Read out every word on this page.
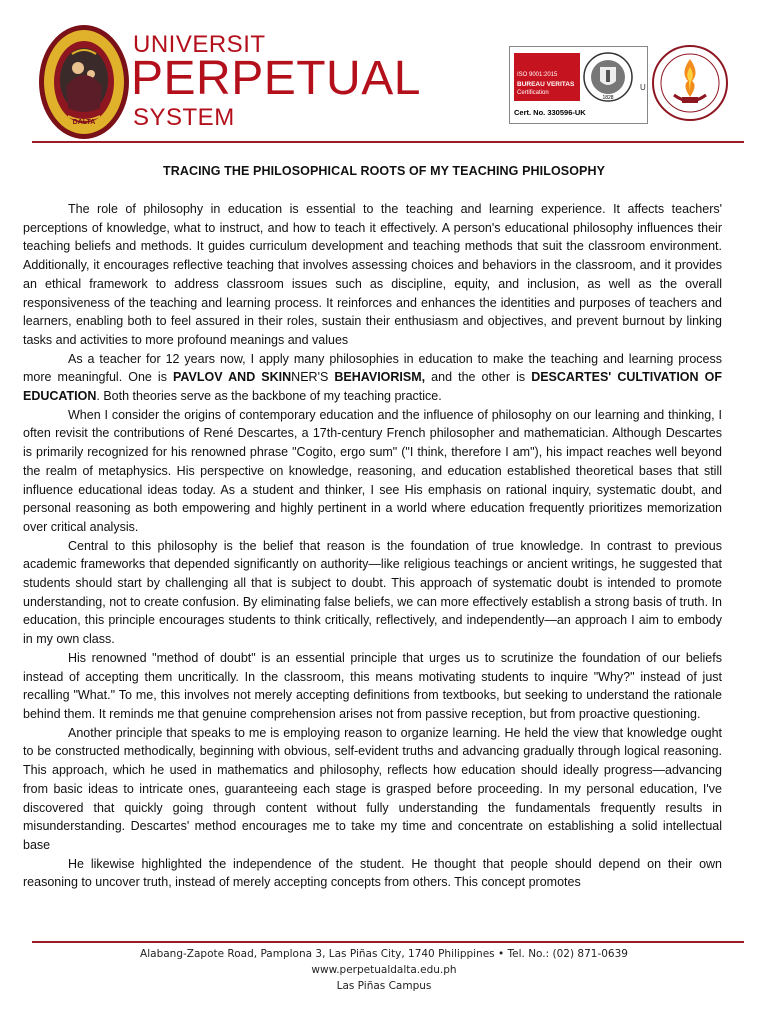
DALTA
UNIVERSIT
PERPETUAL
SYSTEM
ISO 9001:2015
BUREAU VERITAS
Certification
1828
Cert. No. 330596-UK
U
TRACING THE PHILOSOPHICAL ROOTS OF MY TEACHING PHILOSOPHY

The role of philosophy in education is essential to the teaching and learning experience. It affects teachers' perceptions of knowledge, what to instruct, and how to teach it effectively. A person's educational philosophy influences their teaching beliefs and methods. It guides curriculum development and teaching methods that suit the classroom environment. Additionally, it encourages reflective teaching that involves assessing choices and behaviors in the classroom, and it provides an ethical framework to address classroom issues such as discipline, equity, and inclusion, as well as the overall responsiveness of the teaching and learning process. It reinforces and enhances the identities and purposes of teachers and learners, enabling both to feel assured in their roles, sustain their enthusiasm and objectives, and prevent burnout by linking tasks and activities to more profound meanings and values

As a teacher for 12 years now, I apply many philosophies in education to make the teaching and learning process more meaningful. One is PAVLOV AND SKINNER'S BEHAVIORISM, and the other is DESCARTES' CULTIVATION OF EDUCATION. Both theories serve as the backbone of my teaching practice.

When I consider the origins of contemporary education and the influence of philosophy on our learning and thinking, I often revisit the contributions of René Descartes, a 17th-century French philosopher and mathematician. Although Descartes is primarily recognized for his renowned phrase "Cogito, ergo sum" ("I think, therefore I am"), his impact reaches well beyond the realm of metaphysics. His perspective on knowledge, reasoning, and education established theoretical bases that still influence educational ideas today. As a student and thinker, I see His emphasis on rational inquiry, systematic doubt, and personal reasoning as both empowering and highly pertinent in a world where education frequently prioritizes memorization over critical analysis.

Central to this philosophy is the belief that reason is the foundation of true knowledge. In contrast to previous academic frameworks that depended significantly on authority—like religious teachings or ancient writings, he suggested that students should start by challenging all that is subject to doubt. This approach of systematic doubt is intended to promote understanding, not to create confusion. By eliminating false beliefs, we can more effectively establish a strong basis of truth. In education, this principle encourages students to think critically, reflectively, and independently—an approach I aim to embody in my own class.

His renowned "method of doubt" is an essential principle that urges us to scrutinize the foundation of our beliefs instead of accepting them uncritically. In the classroom, this means motivating students to inquire "Why?" instead of just recalling "What." To me, this involves not merely accepting definitions from textbooks, but seeking to understand the rationale behind them. It reminds me that genuine comprehension arises not from passive reception, but from proactive questioning.

Another principle that speaks to me is employing reason to organize learning. He held the view that knowledge ought to be constructed methodically, beginning with obvious, self-evident truths and advancing gradually through logical reasoning. This approach, which he used in mathematics and philosophy, reflects how education should ideally progress—advancing from basic ideas to intricate ones, guaranteeing each stage is grasped before proceeding. In my personal education, I've discovered that quickly going through content without fully understanding the fundamentals frequently results in misunderstanding. Descartes' method encourages me to take my time and concentrate on establishing a solid intellectual base

He likewise highlighted the independence of the student. He thought that people should depend on their own reasoning to uncover truth, instead of merely accepting concepts from others. This concept promotes

Alabang-Zapote Road, Pamplona 3, Las Piñas City, 1740 Philippines • Tel. No.: (02) 871-0639
www.perpetualdalta.edu.ph
Las Piñas Campus
